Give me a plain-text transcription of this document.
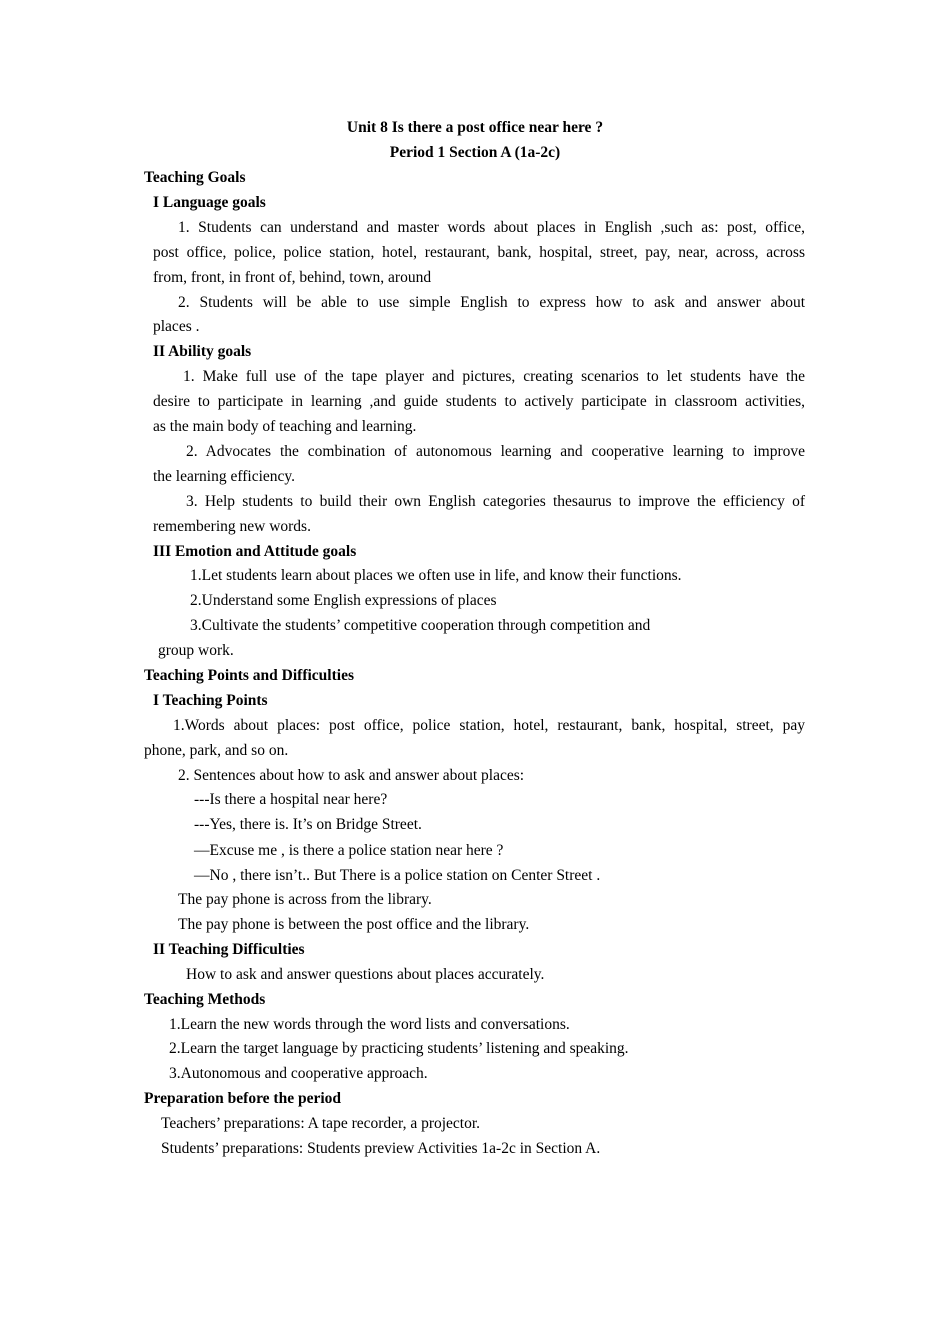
Unit 8 Is there a post office near here ?
Period 1 Section A (1a-2c)
Teaching Goals
I Language goals
1. Students can understand and master words about places in English ,such as: post, office,
post office, police, police station, hotel, restaurant, bank, hospital, street, pay, near, across, across
from, front, in front of, behind, town, around
2. Students will be able to use simple English to express how to ask and answer about
places .
II Ability goals
1. Make full use of the tape player and pictures, creating scenarios to let students have the
desire to participate in learning ,and guide students to actively participate in classroom activities,
as the main body of teaching and learning.
2. Advocates the combination of autonomous learning and cooperative learning to improve
the learning efficiency.
3. Help students to build their own English categories thesaurus to improve the efficiency of
remembering new words.
III Emotion and Attitude goals
1.Let students learn about places we often use in life, and know their functions.
2.Understand some English expressions of places
3.Cultivate the students’ competitive cooperation through competition and
group work.
Teaching Points and Difficulties
I Teaching Points
1.Words about places: post office, police station, hotel, restaurant, bank, hospital, street, pay
phone, park, and so on.
2. Sentences about how to ask and answer about places:
---Is there a hospital near here?
---Yes, there is. It’s on Bridge Street.
—Excuse me , is there a police station near here ?
—No , there isn’t.. But There is a police station on Center Street .
The pay phone is across from the library.
The pay phone is between the post office and the library.
II Teaching Difficulties
How to ask and answer questions about places accurately.
Teaching Methods
1.Learn the new words through the word lists and conversations.
2.Learn the target language by practicing students’ listening and speaking.
3.Autonomous and cooperative approach.
Preparation before the period
Teachers’ preparations: A tape recorder, a projector.
Students’ preparations: Students preview Activities 1a-2c in Section A.
